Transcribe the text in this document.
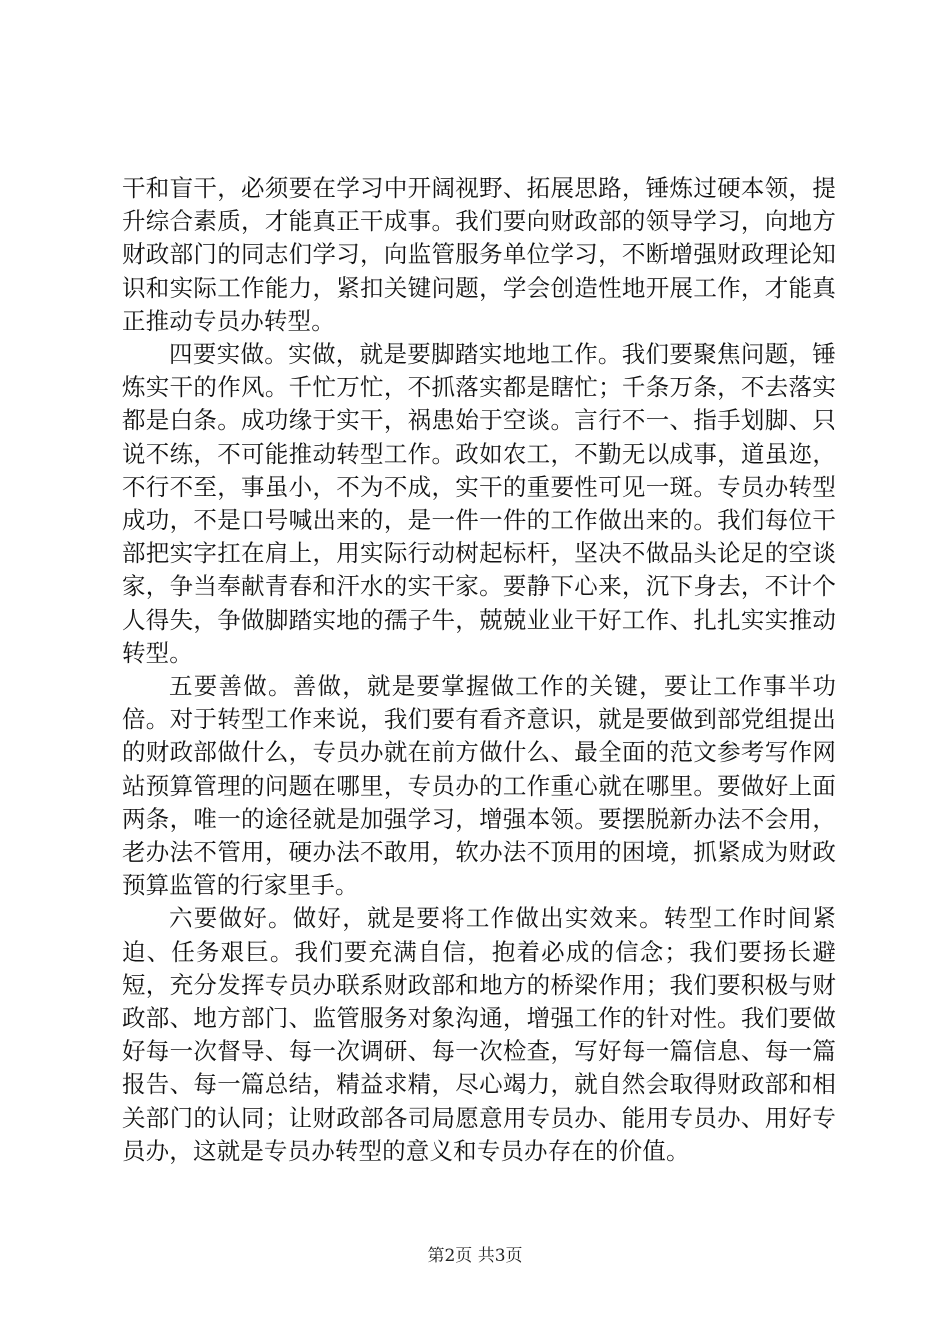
干和盲干，必须要在学习中开阔视野、拓展思路，锤炼过硬本领，提升综合素质，才能真正干成事。我们要向财政部的领导学习，向地方财政部门的同志们学习，向监管服务单位学习，不断增强财政理论知识和实际工作能力，紧扣关键问题，学会创造性地开展工作，才能真正推动专员办转型。

四要实做。实做，就是要脚踏实地地工作。我们要聚焦问题，锤炼实干的作风。千忙万忙，不抓落实都是瞎忙；千条万条，不去落实都是白条。成功缘于实干，祸患始于空谈。言行不一、指手划脚、只说不练，不可能推动转型工作。政如农工，不勤无以成事，道虽迩，不行不至，事虽小，不为不成，实干的重要性可见一斑。专员办转型成功，不是口号喊出来的，是一件一件的工作做出来的。我们每位干部把实字扛在肩上，用实际行动树起标杆，坚决不做品头论足的空谈家，争当奉献青春和汗水的实干家。要静下心来，沉下身去，不计个人得失，争做脚踏实地的孺子牛，兢兢业业干好工作、扎扎实实推动转型。

五要善做。善做，就是要掌握做工作的关键，要让工作事半功倍。对于转型工作来说，我们要有看齐意识，就是要做到部党组提出的财政部做什么，专员办就在前方做什么、最全面的范文参考写作网站预算管理的问题在哪里，专员办的工作重心就在哪里。要做好上面两条，唯一的途径就是加强学习，增强本领。要摆脱新办法不会用，老办法不管用，硬办法不敢用，软办法不顶用的困境，抓紧成为财政预算监管的行家里手。

六要做好。做好，就是要将工作做出实效来。转型工作时间紧迫、任务艰巨。我们要充满自信，抱着必成的信念；我们要扬长避短，充分发挥专员办联系财政部和地方的桥梁作用；我们要积极与财政部、地方部门、监管服务对象沟通，增强工作的针对性。我们要做好每一次督导、每一次调研、每一次检查，写好每一篇信息、每一篇报告、每一篇总结，精益求精，尽心竭力，就自然会取得财政部和相关部门的认同；让财政部各司局愿意用专员办、能用专员办、用好专员办，这就是专员办转型的意义和专员办存在的价值。

第2页 共3页
